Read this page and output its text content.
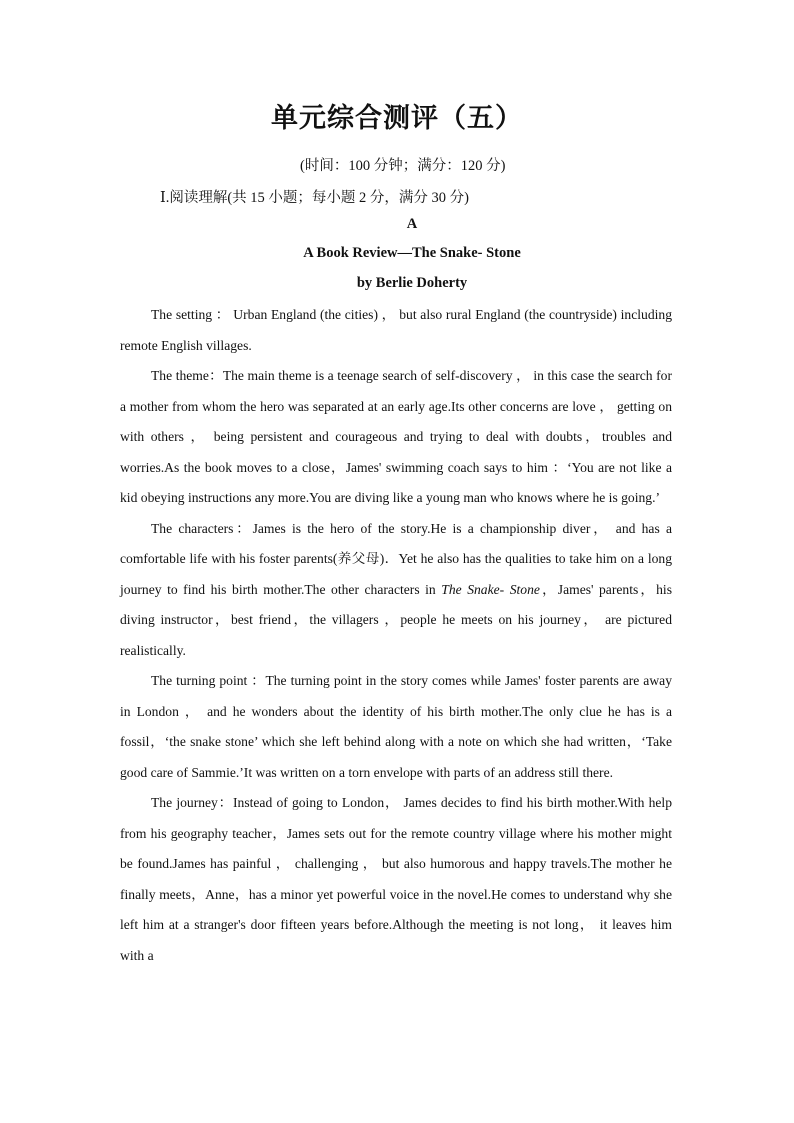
单元综合测评（五）
(时间：100 分钟；满分：120 分)
Ⅰ.阅读理解(共 15 小题；每小题 2 分，满分 30 分)
A
A Book Review—The Snake- Stone
by Berlie Doherty

The setting ： Urban England (the cities) ， but also rural England (the countryside) including remote English villages.

The theme：The main theme is a teenage search of self-discovery ， in this case the search for a mother from whom the hero was separated at an early age.Its other concerns are love ， getting on with others ， being persistent and courageous and trying to deal with doubts，troubles and worries.As the book moves to a close，James' swimming coach says to him ：‘You are not like a kid obeying instructions any more.You are diving like a young man who knows where he is going.’

The characters：James is the hero of the story.He is a championship diver， and has a comfortable life with his foster parents(养父母)．Yet he also has the qualities to take him on a long journey to find his birth mother.The other characters in The Snake- Stone，James' parents，his diving instructor，best friend，the villagers ，people he meets on his journey， are pictured realistically.

The turning point ：The turning point in the story comes while James' foster parents are away in London ， and he wonders about the identity of his birth mother.The only clue he has is a fossil，‘the snake stone’ which she left behind along with a note on which she had written，‘Take good care of Sammie.’It was written on a torn envelope with parts of an address still there.

The journey：Instead of going to London， James decides to find his birth mother.With help from his geography teacher，James sets out for the remote country village where his mother might be found.James has painful ， challenging ， but also humorous and happy travels.The mother he finally meets，Anne，has a minor yet powerful voice in the novel.He comes to understand why she left him at a stranger's door fifteen years before.Although the meeting is not long， it leaves him with a
